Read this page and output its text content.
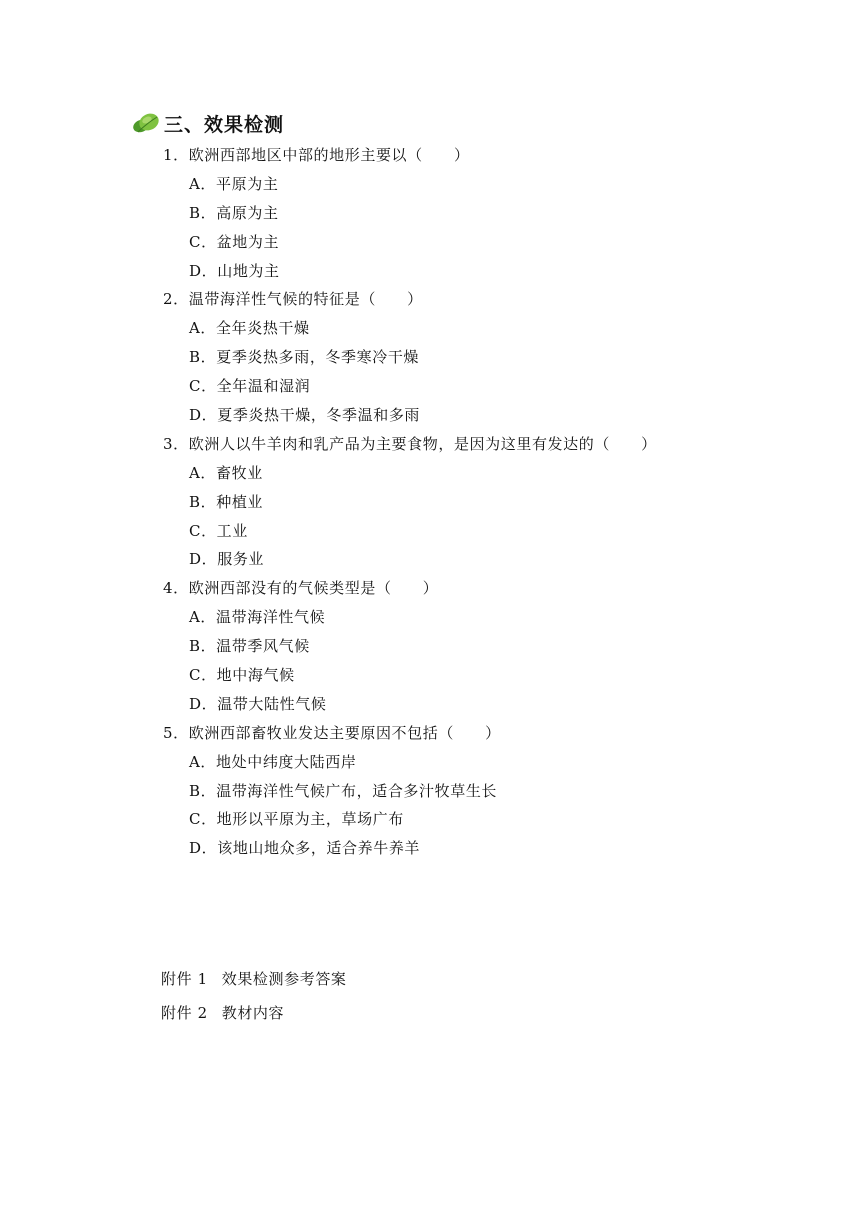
三、效果检测
1．欧洲西部地区中部的地形主要以（　　）
A．平原为主
B．高原为主
C．盆地为主
D．山地为主
2．温带海洋性气候的特征是（　　）
A．全年炎热干燥
B．夏季炎热多雨，冬季寒冷干燥
C．全年温和湿润
D．夏季炎热干燥，冬季温和多雨
3．欧洲人以牛羊肉和乳产品为主要食物，是因为这里有发达的（　　）
A．畜牧业
B．种植业
C．工业
D．服务业
4．欧洲西部没有的气候类型是（　　）
A．温带海洋性气候
B．温带季风气候
C．地中海气候
D．温带大陆性气候
5．欧洲西部畜牧业发达主要原因不包括（　　）
A．地处中纬度大陆西岸
B．温带海洋性气候广布，适合多汁牧草生长
C．地形以平原为主，草场广布
D．该地山地众多，适合养牛养羊
附件 1 效果检测参考答案
附件 2 教材内容
